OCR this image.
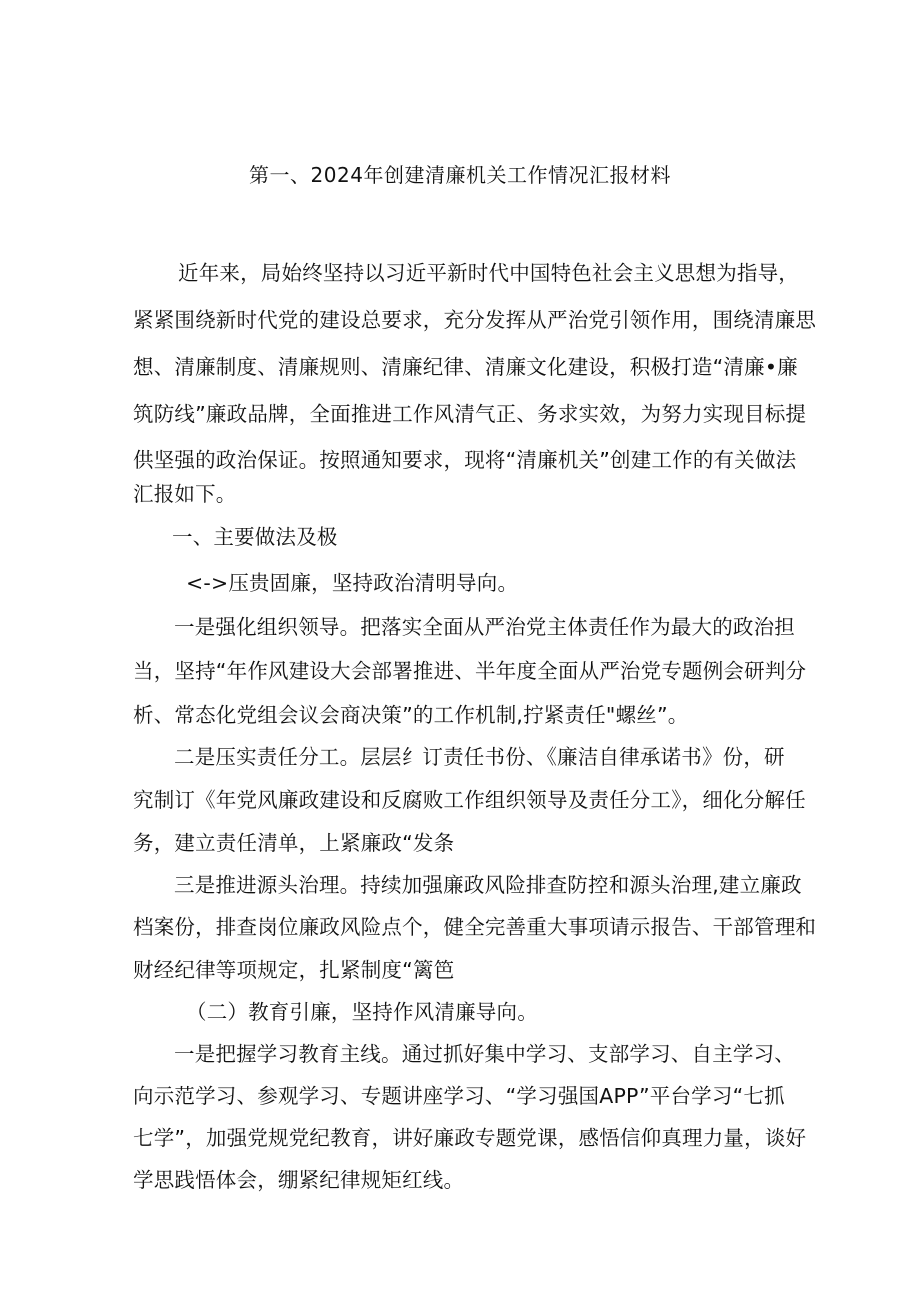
第一、2024年创建清廉机关工作情况汇报材料
近年来，局始终坚持以习近平新时代中国特色社会主义思想为指导，
紧紧围绕新时代党的建设总要求，充分发挥从严治党引领作用，围绕清廉思
想、清廉制度、清廉规则、清廉纪律、清廉文化建设，积极打造“清廉•廉
筑防线”廉政品牌，全面推进工作风清气正、务求实效，为努力实现目标提
供坚强的政治保证。按照通知要求，现将“清廉机关”创建工作的有关做法
汇报如下。
一、主要做法及极
<->压贵固廉，坚持政治清明导向。
一是强化组织领导。把落实全面从严治党主体责任作为最大的政治担
当，坚持“年作风建设大会部署推进、半年度全面从严治党专题例会研判分
析、常态化党组会议会商决策”的工作机制,拧紧责任"螺丝”。
二是压实责任分工。层层纟订责任书份、《廉洁自律承诺书》份，研
究制订《年党风廉政建设和反腐败工作组织领导及责任分工》，细化分解任
务，建立责任清单，上紧廉政“发条
三是推进源头治理。持续加强廉政风险排查防控和源头治理,建立廉政
档案份，排查岗位廉政风险点个，健全完善重大事项请示报告、干部管理和
财经纪律等项规定，扎紧制度“篱笆
（二）教育引廉，坚持作风清廉导向。
一是把握学习教育主线。通过抓好集中学习、支部学习、自主学习、
向示范学习、参观学习、专题讲座学习、“学习强国APP”平台学习“七抓
七学”，加强党规党纪教育，讲好廉政专题党课，感悟信仰真理力量，谈好
学思践悟体会，绷紧纪律规矩红线。
